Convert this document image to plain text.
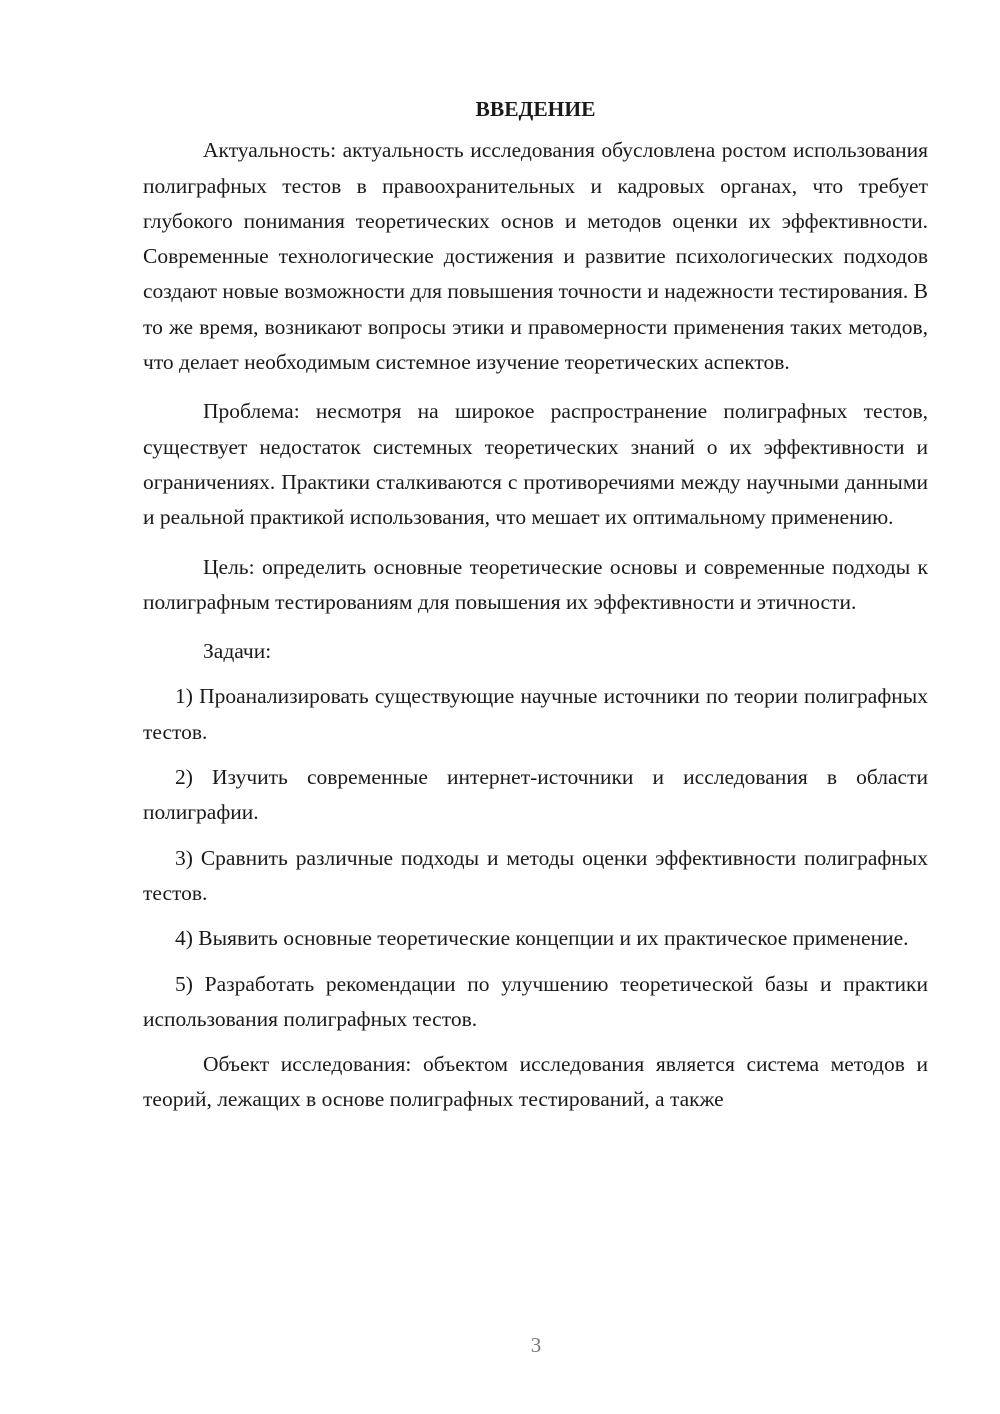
ВВЕДЕНИЕ

Актуальность: актуальность исследования обусловлена ростом использования полиграфных тестов в правоохранительных и кадровых органах, что требует глубокого понимания теоретических основ и методов оценки их эффективности. Современные технологические достижения и развитие психологических подходов создают новые возможности для повышения точности и надежности тестирования. В то же время, возникают вопросы этики и правомерности применения таких методов, что делает необходимым системное изучение теоретических аспектов.

Проблема: несмотря на широкое распространение полиграфных тестов, существует недостаток системных теоретических знаний о их эффективности и ограничениях. Практики сталкиваются с противоречиями между научными данными и реальной практикой использования, что мешает их оптимальному применению.

Цель: определить основные теоретические основы и современные подходы к полиграфным тестированиям для повышения их эффективности и этичности.

Задачи:

1) Проанализировать существующие научные источники по теории полиграфных тестов.

2) Изучить современные интернет-источники и исследования в области полиграфии.

3) Сравнить различные подходы и методы оценки эффективности полиграфных тестов.

4) Выявить основные теоретические концепции и их практическое применение.

5) Разработать рекомендации по улучшению теоретической базы и практики использования полиграфных тестов.

Объект исследования: объектом исследования является система методов и теорий, лежащих в основе полиграфных тестирований, а также

3
